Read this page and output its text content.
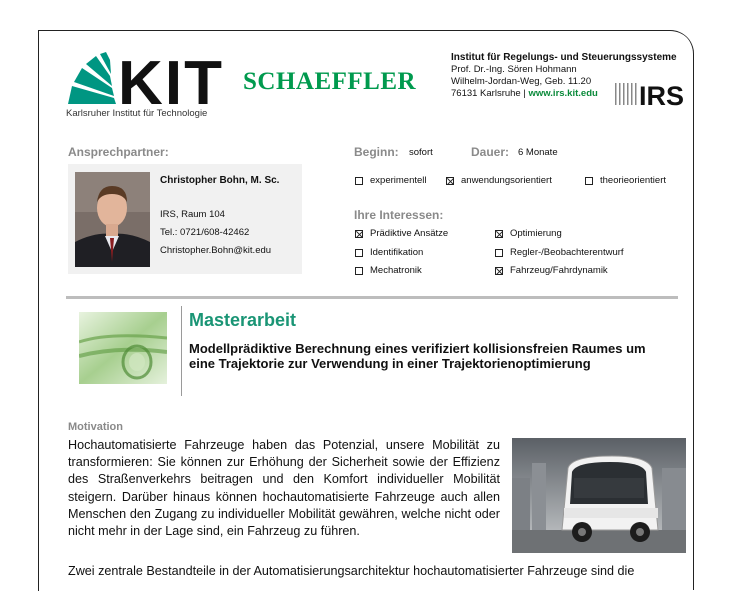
KIT
Karlsruher Institut für Technologie
SCHAEFFLER
Institut für Regelungs- und Steuerungssysteme
Prof. Dr.-Ing. Sören Hohmann
Wilhelm-Jordan-Weg, Geb. 11.20
76131 Karlsruhe | www.irs.kit.edu	IRS
Ansprechpartner:
Christopher Bohn, M. Sc.
IRS, Raum 104
Tel.: 0721/608-42462
Christopher.Bohn@kit.edu
Beginn: sofort	Dauer: 6 Monate
experimentell	anwendungsorientiert	theorieorientiert
Ihre Interessen:
Prädiktive Ansätze	Optimierung
Identifikation	Regler-/Beobachterentwurf
Mechatronik	Fahrzeug/Fahrdynamik
Masterarbeit
Modellprädiktive Berechnung eines verifiziert kollisionsfreien Raumes um eine Trajektorie zur Verwendung in einer Trajektorienoptimierung
Motivation
Hochautomatisierte Fahrzeuge haben das Potenzial, unsere Mobilität zu transformieren: Sie können zur Erhöhung der Sicherheit sowie der Effizienz des Straßenverkehrs beitragen und den Komfort individueller Mobilität steigern. Darüber hinaus können hochautomatisierte Fahrzeuge auch allen Menschen den Zugang zu individueller Mobilität gewähren, welche nicht oder nicht mehr in der Lage sind, ein Fahrzeug zu führen.
Zwei zentrale Bestandteile in der Automatisierungsarchitektur hochautomatisierter Fahrzeuge sind die
